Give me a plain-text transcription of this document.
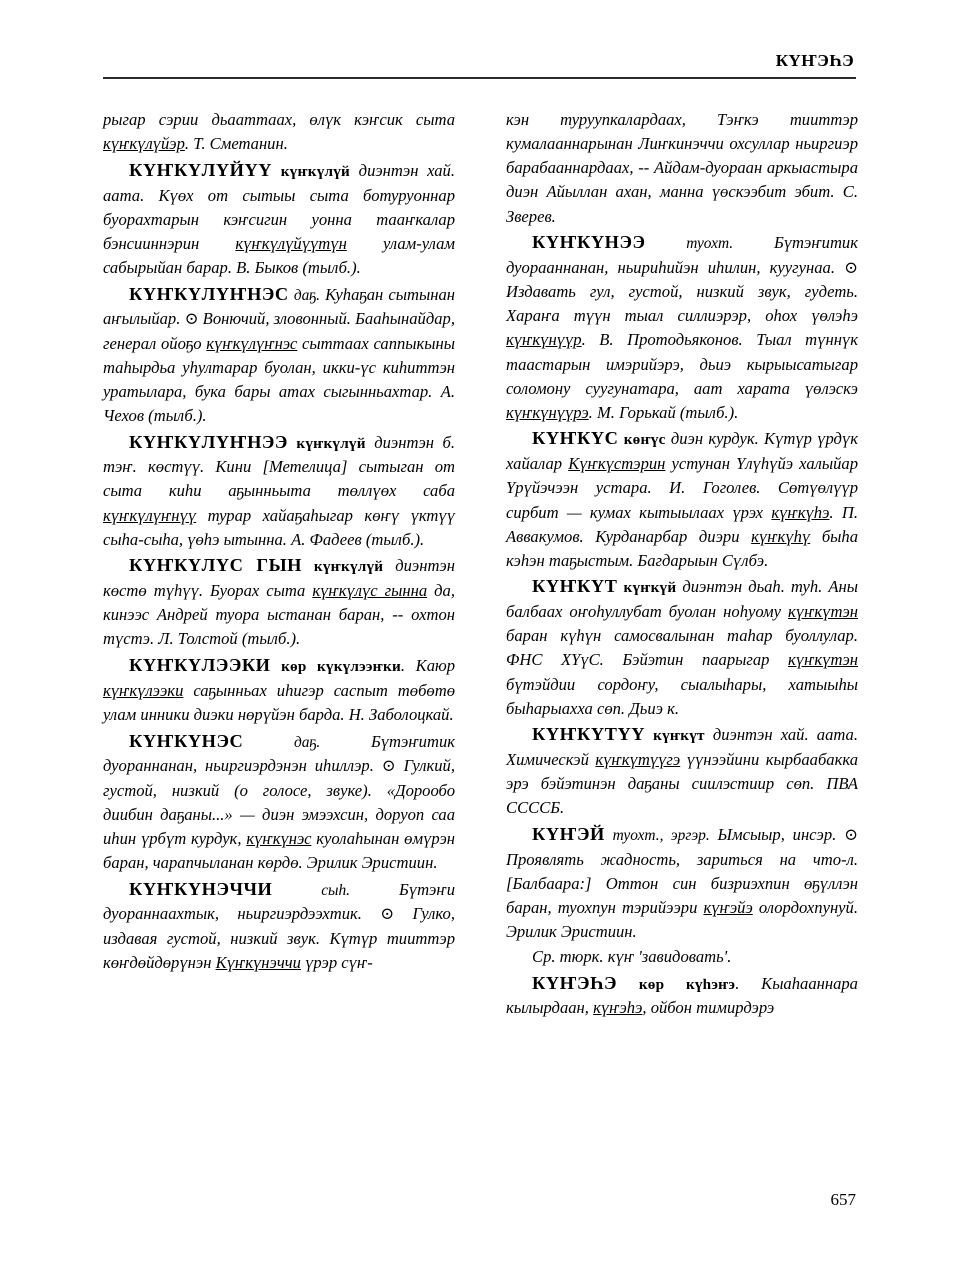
КҮҤЭҺЭ

рыгар сэрии дьааттаах, өлүк кэҥсик сыта күҥкүлүйэр. Т. Сметанин.

КҮҤКҮЛҮЙҮҮ күҥкүлүй диэнтэн хай. аата. Күөх от сытыы сыта ботуруоннар буорахтарын кэҥсигин уонна тааҥкалар бэнсииннэрин күҥкүлүйүүтүн улам-улам сабырыйан барар. В. Быков (тылб.).

КҮҤКҮЛҮҤНЭС даҕ. Куһаҕан сытынан аҥылыйар. ⊙ Вонючий, зловонный. Бааһынайдар, генерал ойоҕо күҥкүлүҥнэс сыттаах саппыкыны таһырдьа уһултарар буолан, икки-үс киһиттэн уратылара, бука бары атах сыгынньахтар. А. Чехов (тылб.).

КҮҤКҮЛҮҤНЭЭ күҥкүлүй диэнтэн б. тэҥ. көстүү. Кини [Метелица] сытыган от сыта киһи аҕынньыта төллүөх саба күҥкүлүҥнүү турар хайаҕаһыгар көҥү үктүү сыһа-сыһа, үөһэ ытынна. А. Фадеев (тылб.).

КҮҤКҮЛҮС ГЫН күҥкүлүй диэнтэн көстө түһүү. Буорах сыта күҥкүлүс гынна да, кинээс Андрей туора ыстанан баран, -- охтон түстэ. Л. Толстой (тылб.).

КҮҤКҮЛЭЭКИ көр күкүлээҥки. Каюр күҥкүлээки саҕынньах иһигэр саспыт төбөтө улам инники диэки нөрүйэн барда. Н. Заболоцкай.

КҮҤКҮНЭС	даҕ.	Бүтэҥитик дуораннанан, ньиргиэрдэнэн иһиллэр. ⊙ Гулкий, густой, низкий (о голосе, звуке). «Дорообо диибин даҕаны...» — диэн эмээхсин, доруоп саа иһин үрбүт курдук, күҥкүнэс куолаһынан өмүрэн баран, чарапчыланан көрдө. Эрилик Эристиин.

КҮҤКҮНЭЧЧИ	сыһ.	Бүтэҥи дуораннаахтык, ньиргиэрдээхтик. ⊙ Гулко, издавая густой, низкий звук. Күтүр тииттэр көҥдөйдөрүнэн Күҥкүнэччи үрэр сүҥ-

кэн туруупкалардаах, Тэҥкэ тииттэр кумалааннарынан Лиҥкинэччи охсуллар ньиргиэр барабааннардаах, -- Айдам-дуораан аркыастыра диэн Айыллан ахан, манна үөскээбит эбит. С. Зверев.

КҮҤКҮНЭЭ	туохт. Бүтэҥитик дуорааннанан, ньириһийэн иһилин, куугунаа. ⊙ Издавать гул, густой, низкий звук, гудеть. Хараҥа түүн тыал силлиэрэр, оһох үөлэһэ күҥкүнүүр. В. Протодьяконов. Тыал түннүк таастарын имэрийэрэ, дьиэ кырыысатыгар соломону суугунатара, аат харата үөлэскэ күҥкүнүүрэ. М. Горькай (тылб.).

КҮҤКҮС көҥүс диэн курдук. Күтүр үрдүк хайалар Күҥкүстэрин устунан Үлүһүйэ халыйар Үрүйэчээн устара. И. Гоголев. Сөтүөлүүр сирбит — кумах кытыылаах үрэх күҥкүһэ. П. Аввакумов. Курданарбар диэри күҥкүһү быһа кэһэн таҕыстым. Багдарыын Сүлбэ.

КҮҤКҮТ күҥкүй диэнтэн дьаһ. туһ. Аны балбаах оҥоһуллубат буолан ноһуому күҥкүтэн баран күһүн самосвалынан таһар буоллулар. ФНС ХҮүС. Бэйэтин паарыгар күҥкүтэн бүтэйдии сордоҥу, сыалыһары, хатыыһы быһарыахха сөп. Дьиэ к.

КҮҤКҮТҮҮ күҥкүт диэнтэн хай. аата. Химическэй күҥкүтүүгэ үүнээйини кырбаабакка эрэ бэйэтинэн даҕаны сиилэстиир сөп. ПВА СССCБ.

КҮҤЭЙ туохт., эргэр. Ымсыыр, инсэр. ⊙ Проявлять жадность, зариться на что-л. [Балбаара:] Оттон син бизриэхпин өҕүллэн баран, туохпун тэрийээри күҥэйэ олордохпунуй. Эрилик Эристиин.

Ср. тюрк. күҥ 'завидовать'.

КҮҤЭҺЭ көр күһэҥэ. Кыаһааннара кылырдаан, күҥэһэ, ойбон тимирдэрэ

657
